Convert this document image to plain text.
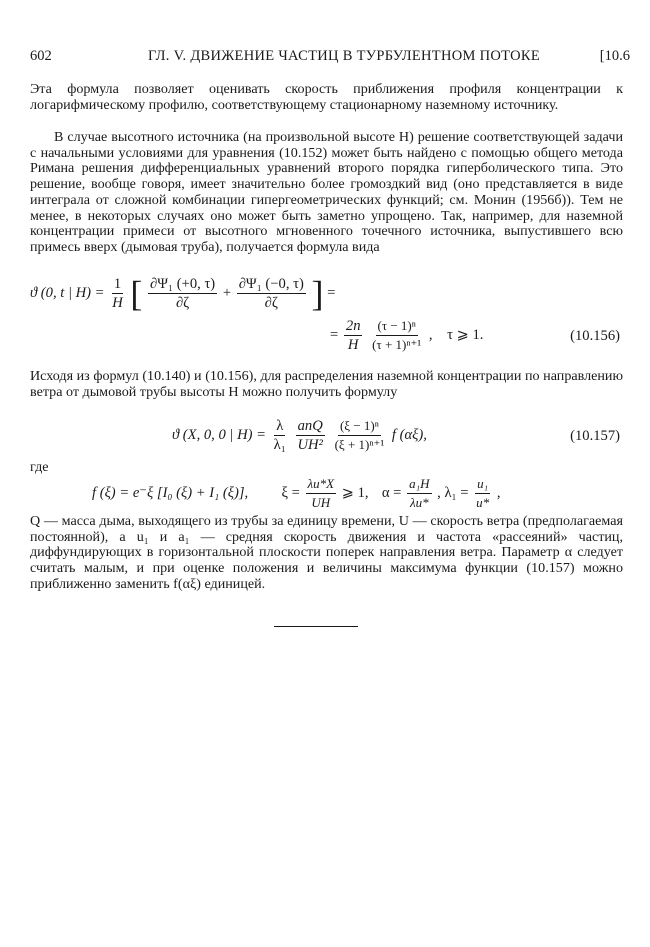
602	ГЛ. V. ДВИЖЕНИЕ ЧАСТИЦ В ТУРБУЛЕНТНОМ ПОТОКЕ	[10.6
Эта формула позволяет оценивать скорость приближения профиля концентрации к логарифмическому профилю, соответствующему стационарному наземному источнику.
В случае высотного источника (на произвольной высоте H) решение соответствующей задачи с начальными условиями для уравнения (10.152) может быть найдено с помощью общего метода Римана решения дифференциальных уравнений второго порядка гиперболического типа. Это решение, вообще говоря, имеет значительно более громоздкий вид (оно представляется в виде интеграла от сложной комбинации гипергеометрических функций; см. Монин (1956б)). Тем не менее, в некоторых случаях оно может быть заметно упрощено. Так, например, для наземной концентрации примеси от высотного мгновенного точечного источника, выпустившего всю примесь вверх (дымовая труба), получается формула вида
ϑ (0, t | $H) = \frac{1}{H}$ [ $\frac{\text{∂Ψ₁ (+0, τ)}}{\partial\zeta} + \frac{\text{∂Ψ₁ (−0, τ)}}{\partial\zeta}$ ] =
= $\frac{2n}{H}$
$\frac{\text{(τ − 1)ⁿ}}{\text{(τ + 1)ⁿ⁺¹}}$ ,    τ ⩾ 1.	(10.156)
Исходя из формул (10.140) и (10.156), для распределения наземной концентрации по направлению ветра от дымовой трубы высоты H можно получить формулу
ϑ (X, 0, 0 | $H) = \frac{\lambda}{\text{λ₁}}$
$\frac{\text{anQ}}{\text{UH²}}$
$\frac{\text{(ξ − 1)ⁿ}}{\text{(ξ + 1)ⁿ⁺¹}}$ f (αξ),	(10.157)
где
f (ξ) = e⁻ξ [I₀ (ξ) + I₁ (ξ)], $\xi = \frac{\lambda u*X}{UH}$ ⩾ 1, $\alpha = \frac{\text{a₁H}}{\lambda u*}$ , $\lambda_1 = \frac{\text{u₁}}{u*}$ ,
Q — масса дыма, выходящего из трубы за единицу времени, U — скорость ветра (предполагаемая постоянной), а u₁ и a₁ — средняя скорость движения и частота «рассеяний» частиц, диффундирующих в горизонтальной плоскости поперек направления ветра. Параметр α следует считать малым, и при оценке положения и величины максимума функции (10.157) можно приближенно заменить f(αξ) единицей.
